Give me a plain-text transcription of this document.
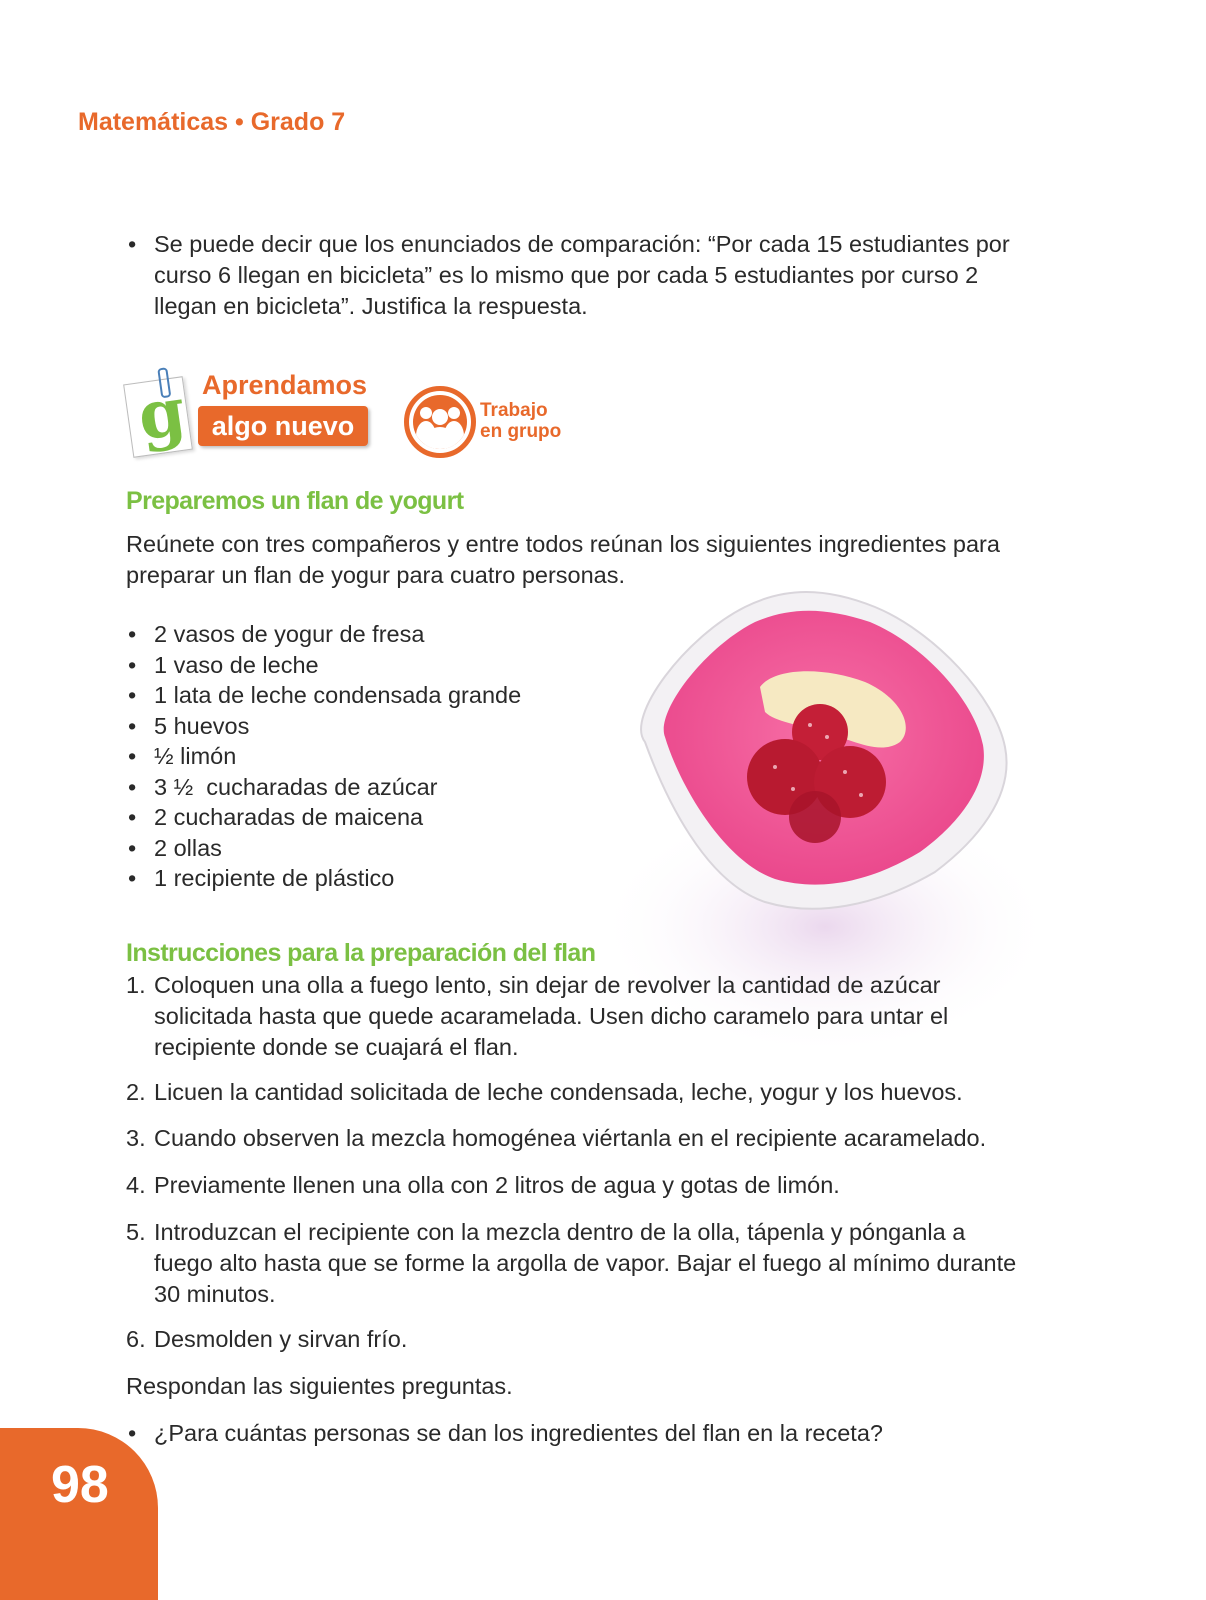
Matemáticas • Grado 7
• Se puede decir que los enunciados de comparación: “Por cada 15 estudiantes por curso 6 llegan en bicicleta” es lo mismo que por cada 5 estudiantes por curso 2 llegan en bicicleta”. Justifica la respuesta.
g Aprendamos
algo nuevo
Trabajo
en grupo
Preparemos un flan de yogurt
Reúnete con tres compañeros y entre todos reúnan los siguientes ingredientes para preparar un flan de yogur para cuatro personas.
• 2 vasos de yogur de fresa
• 1 vaso de leche
• 1 lata de leche condensada grande
• 5 huevos
• ½ limón
• 3 ½  cucharadas de azúcar
• 2 cucharadas de maicena
• 2 ollas
• 1 recipiente de plástico
Instrucciones para la preparación del flan
1. Coloquen una olla a fuego lento, sin dejar de revolver la cantidad de azúcar solicitada hasta que quede acaramelada. Usen dicho caramelo para untar el recipiente donde se cuajará el flan.
2. Licuen la cantidad solicitada de leche condensada, leche, yogur y los huevos.
3. Cuando observen la mezcla homogénea viértanla en el recipiente acaramelado.
4. Previamente llenen una olla con 2 litros de agua y gotas de limón.
5. Introduzcan el recipiente con la mezcla dentro de la olla, tápenla y pónganla a fuego alto hasta que se forme la argolla de vapor. Bajar el fuego al mínimo durante 30 minutos.
6. Desmolden y sirvan frío.
Respondan las siguientes preguntas.
• ¿Para cuántas personas se dan los ingredientes del flan en la receta?
98
